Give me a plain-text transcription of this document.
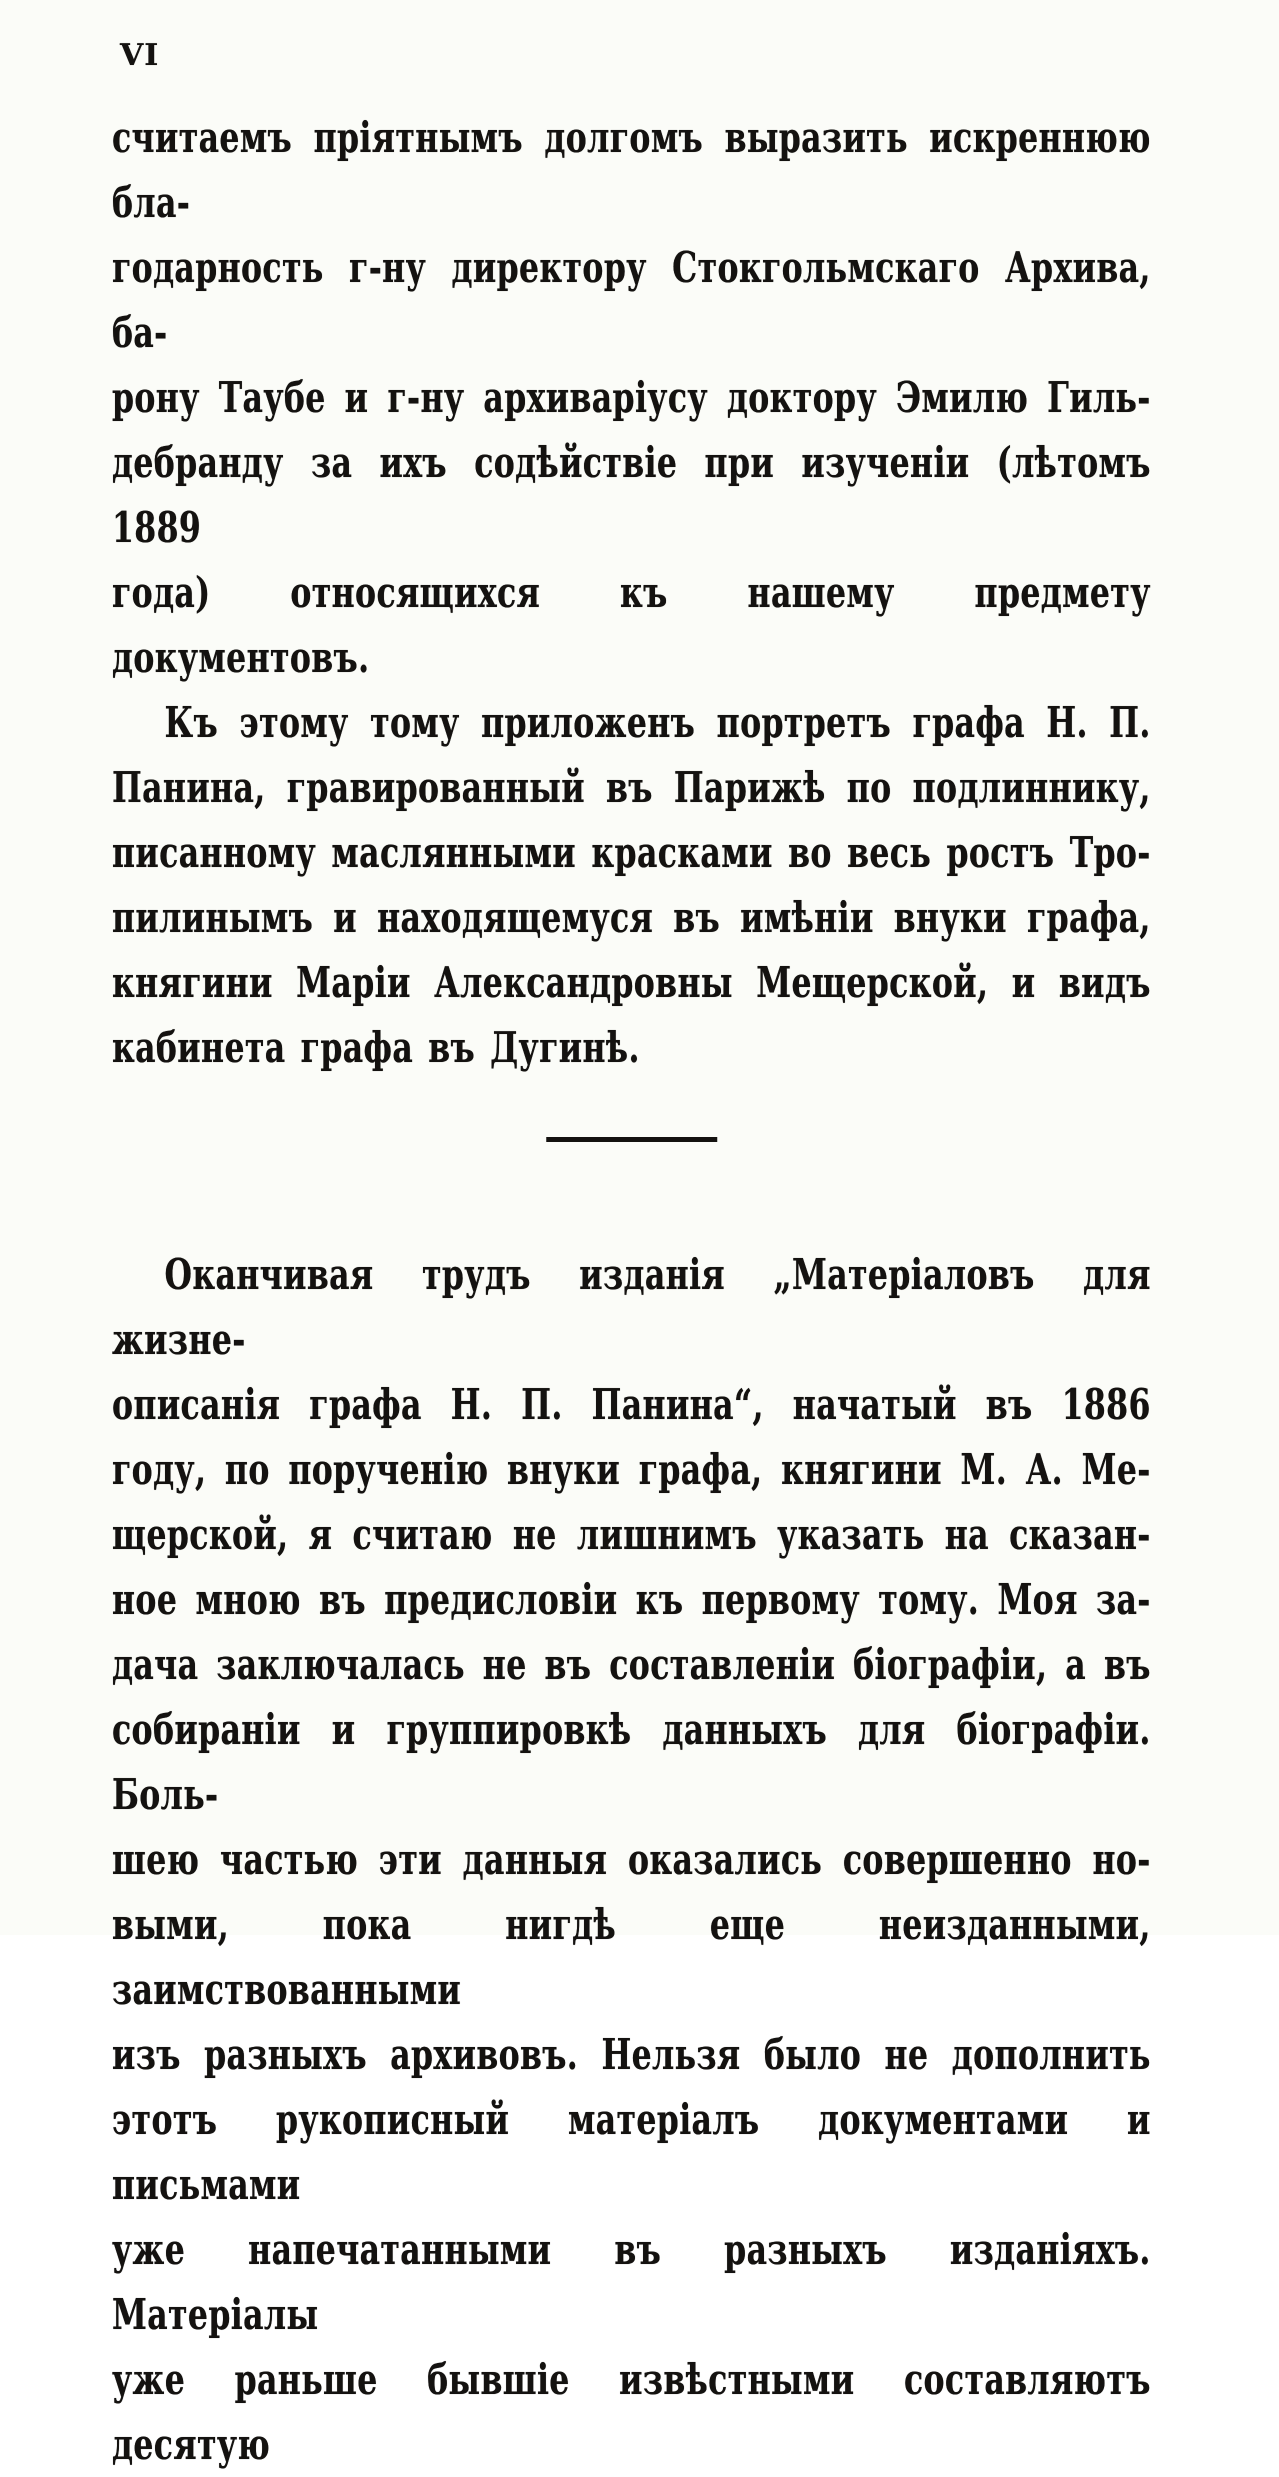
VI
считаемъ пріятнымъ долгомъ выразить искреннюю бла-
годарность г-ну директору Стокгольмскаго Архива, ба-
рону Таубе и г-ну архиваріусу доктору Эмилю Гиль-
дебранду за ихъ содѣйствіе при изученіи (лѣтомъ 1889
года) относящихся къ нашему предмету документовъ.
Къ этому тому приложенъ портретъ графа Н. П.
Панина, гравированный въ Парижѣ по подлиннику,
писанному маслянными красками во весь ростъ Тро-
пилинымъ и находящемуся въ имѣніи внуки графа,
княгини Маріи Александровны Мещерской, и видъ
кабинета графа въ Дугинѣ.
Оканчивая трудъ изданія „Матеріаловъ для жизне-
описанія графа Н. П. Панина“, начатый въ 1886
году, по порученію внуки графа, княгини М. А. Ме-
щерской, я считаю не лишнимъ указать на сказан-
ное мною въ предисловіи къ первому тому. Моя за-
дача заключалась не въ составленіи біографіи, а въ
собираніи и группировкѣ данныхъ для біографіи. Боль-
шею частью эти данныя оказались совершенно но-
выми, пока нигдѣ еще неизданными, заимствованными
изъ разныхъ архивовъ. Нельзя было не дополнить
этотъ рукописный матеріалъ документами и письмами
уже напечатанными въ разныхъ изданіяхъ. Матеріалы
уже раньше бывшіе извѣстными составляютъ десятую
